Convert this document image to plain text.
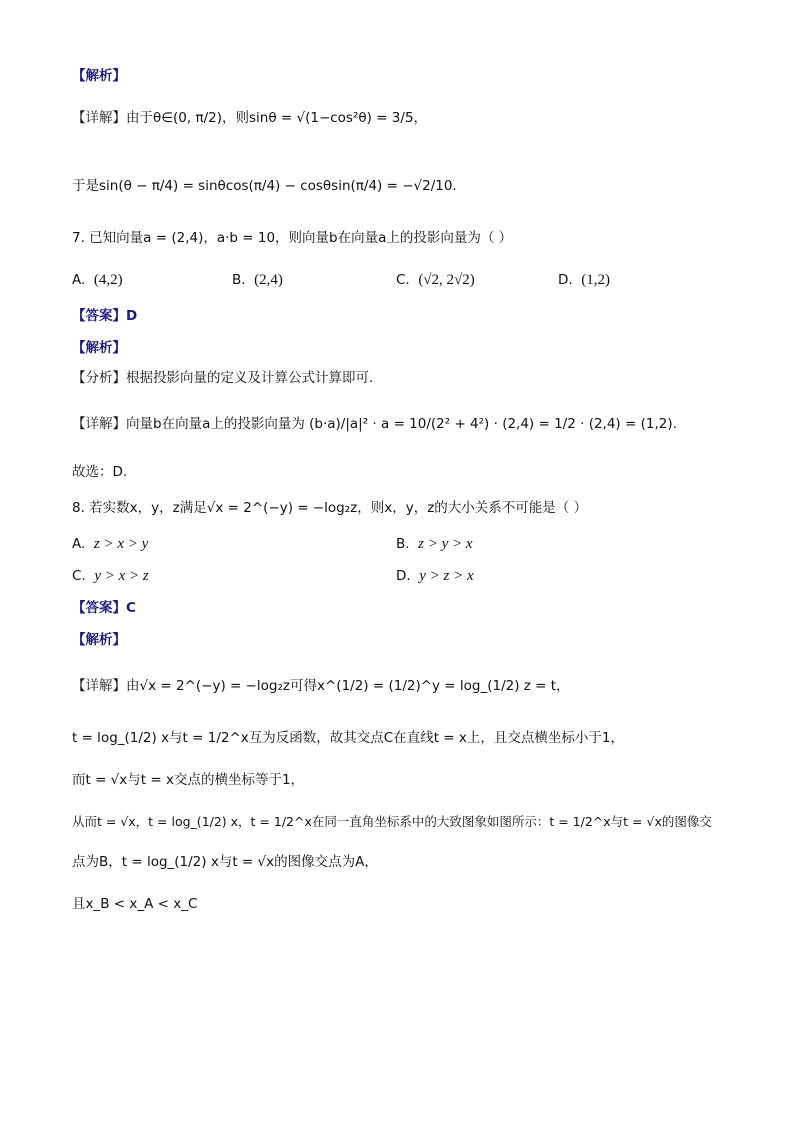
【解析】
【详解】由于θ∈(0, π/2)，则sinθ = √(1−cos²θ) = 3/5，
于是sin(θ − π/4) = sinθcos(π/4) − cosθsin(π/4) = −√2/10.
7. 已知向量a = (2,4)，a·b = 10，则向量b在向量a上的投影向量为（ ）
A. (4,2)	B. (2,4)	C. (√2, 2√2)	D. (1,2)
【答案】D
【解析】
【分析】根据投影向量的定义及计算公式计算即可.
【详解】向量b在向量a上的投影向量为 (b·a)/|a|² · a = 10/(2² + 4²) · (2,4) = 1/2 · (2,4) = (1,2).
故选：D.
8. 若实数x，y，z满足√x = 2^(−y) = −log₂z，则x，y，z的大小关系不可能是（ ）
A. z > x > y	B. z > y > x
C. y > x > z	D. y > z > x
【答案】C
【解析】
【详解】由√x = 2^(−y) = −log₂z可得x^(1/2) = (1/2)^y = log_(1/2) z = t，
t = log_(1/2) x与t = 1/2^x互为反函数，故其交点C在直线t = x上，且交点横坐标小于1，
而t = √x与t = x交点的横坐标等于1，
从而t = √x，t = log_(1/2) x，t = 1/2^x在同一直角坐标系中的大致图象如图所示：t = 1/2^x与t = √x的图像交
点为B，t = log_(1/2) x与t = √x的图像交点为A，
且x_B < x_A < x_C
